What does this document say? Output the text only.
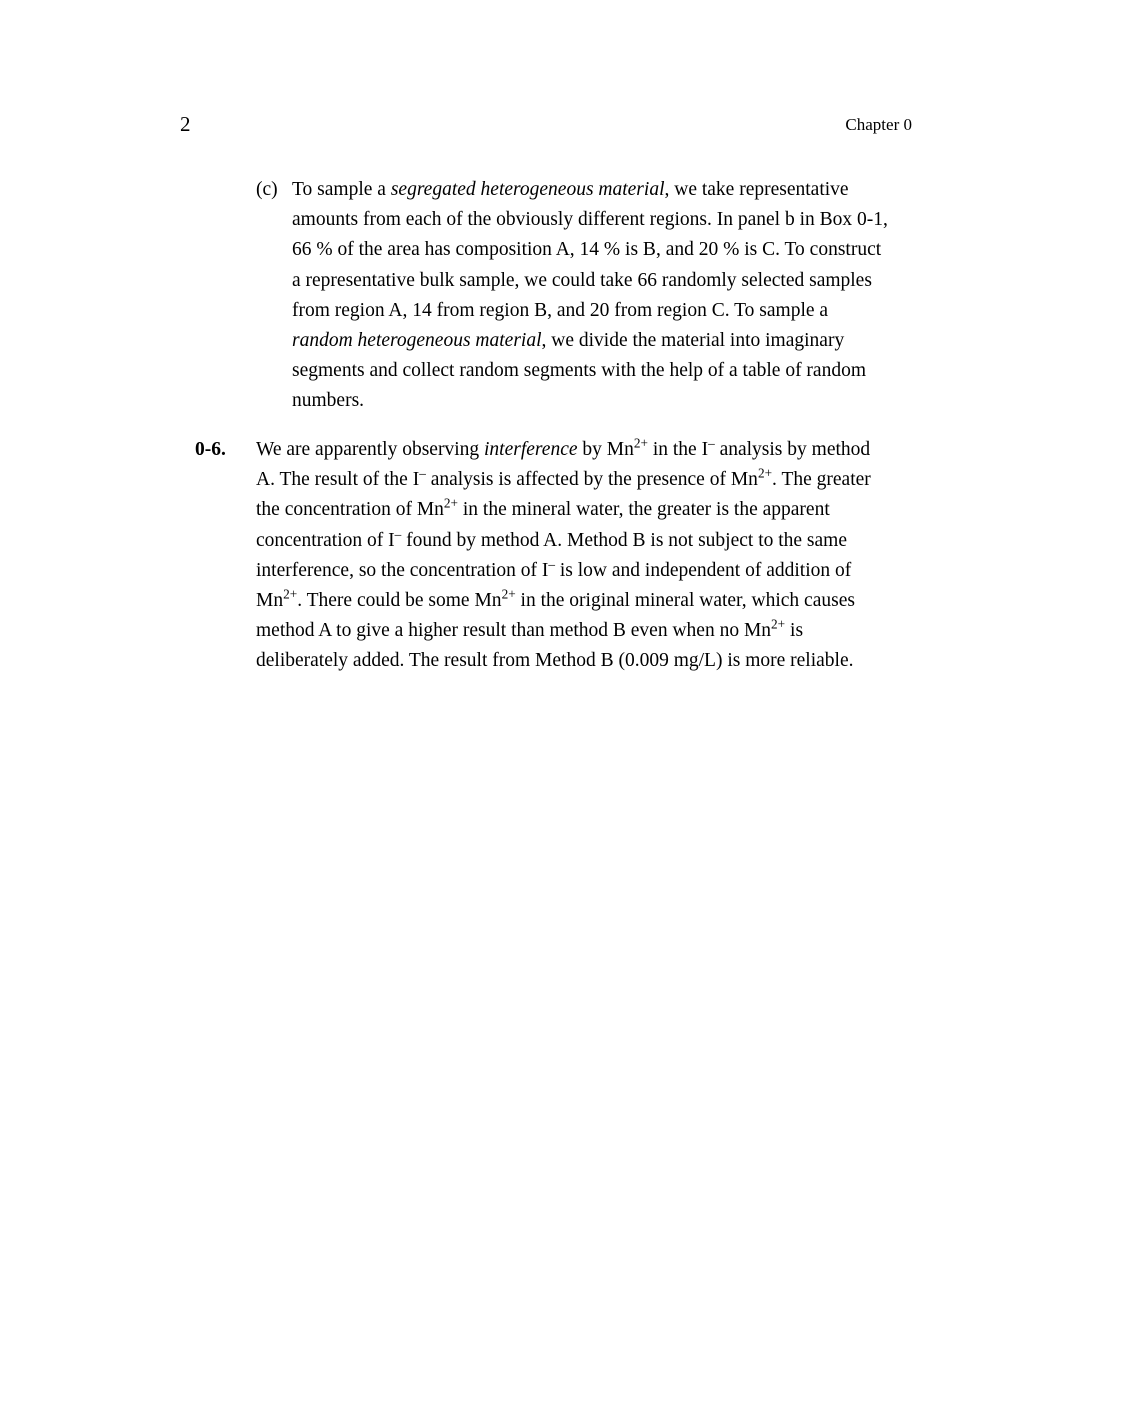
2	Chapter 0
(c) To sample a segregated heterogeneous material, we take representative
amounts from each of the obviously different regions. In panel b in Box 0-1,
66 % of the area has composition A, 14 % is B, and 20 % is C. To construct
a representative bulk sample, we could take 66 randomly selected samples
from region A, 14 from region B, and 20 from region C. To sample a
random heterogeneous material, we divide the material into imaginary
segments and collect random segments with the help of a table of random
numbers.
0-6. We are apparently observing interference by $Mn^{2+}$ in the I– analysis by method
A. The result of the I– analysis is affected by the presence of $Mn^{2+}$. The greater
the concentration of $Mn^{2+}$ in the mineral water, the greater is the apparent
concentration of I– found by method A. Method B is not subject to the same
interference, so the concentration of I– is low and independent of addition of
$Mn^{2+}$. There could be some $Mn^{2+}$ in the original mineral water, which causes
method A to give a higher result than method B even when no $Mn^{2+}$ is
deliberately added. The result from Method B (0.009 mg/L) is more reliable.
